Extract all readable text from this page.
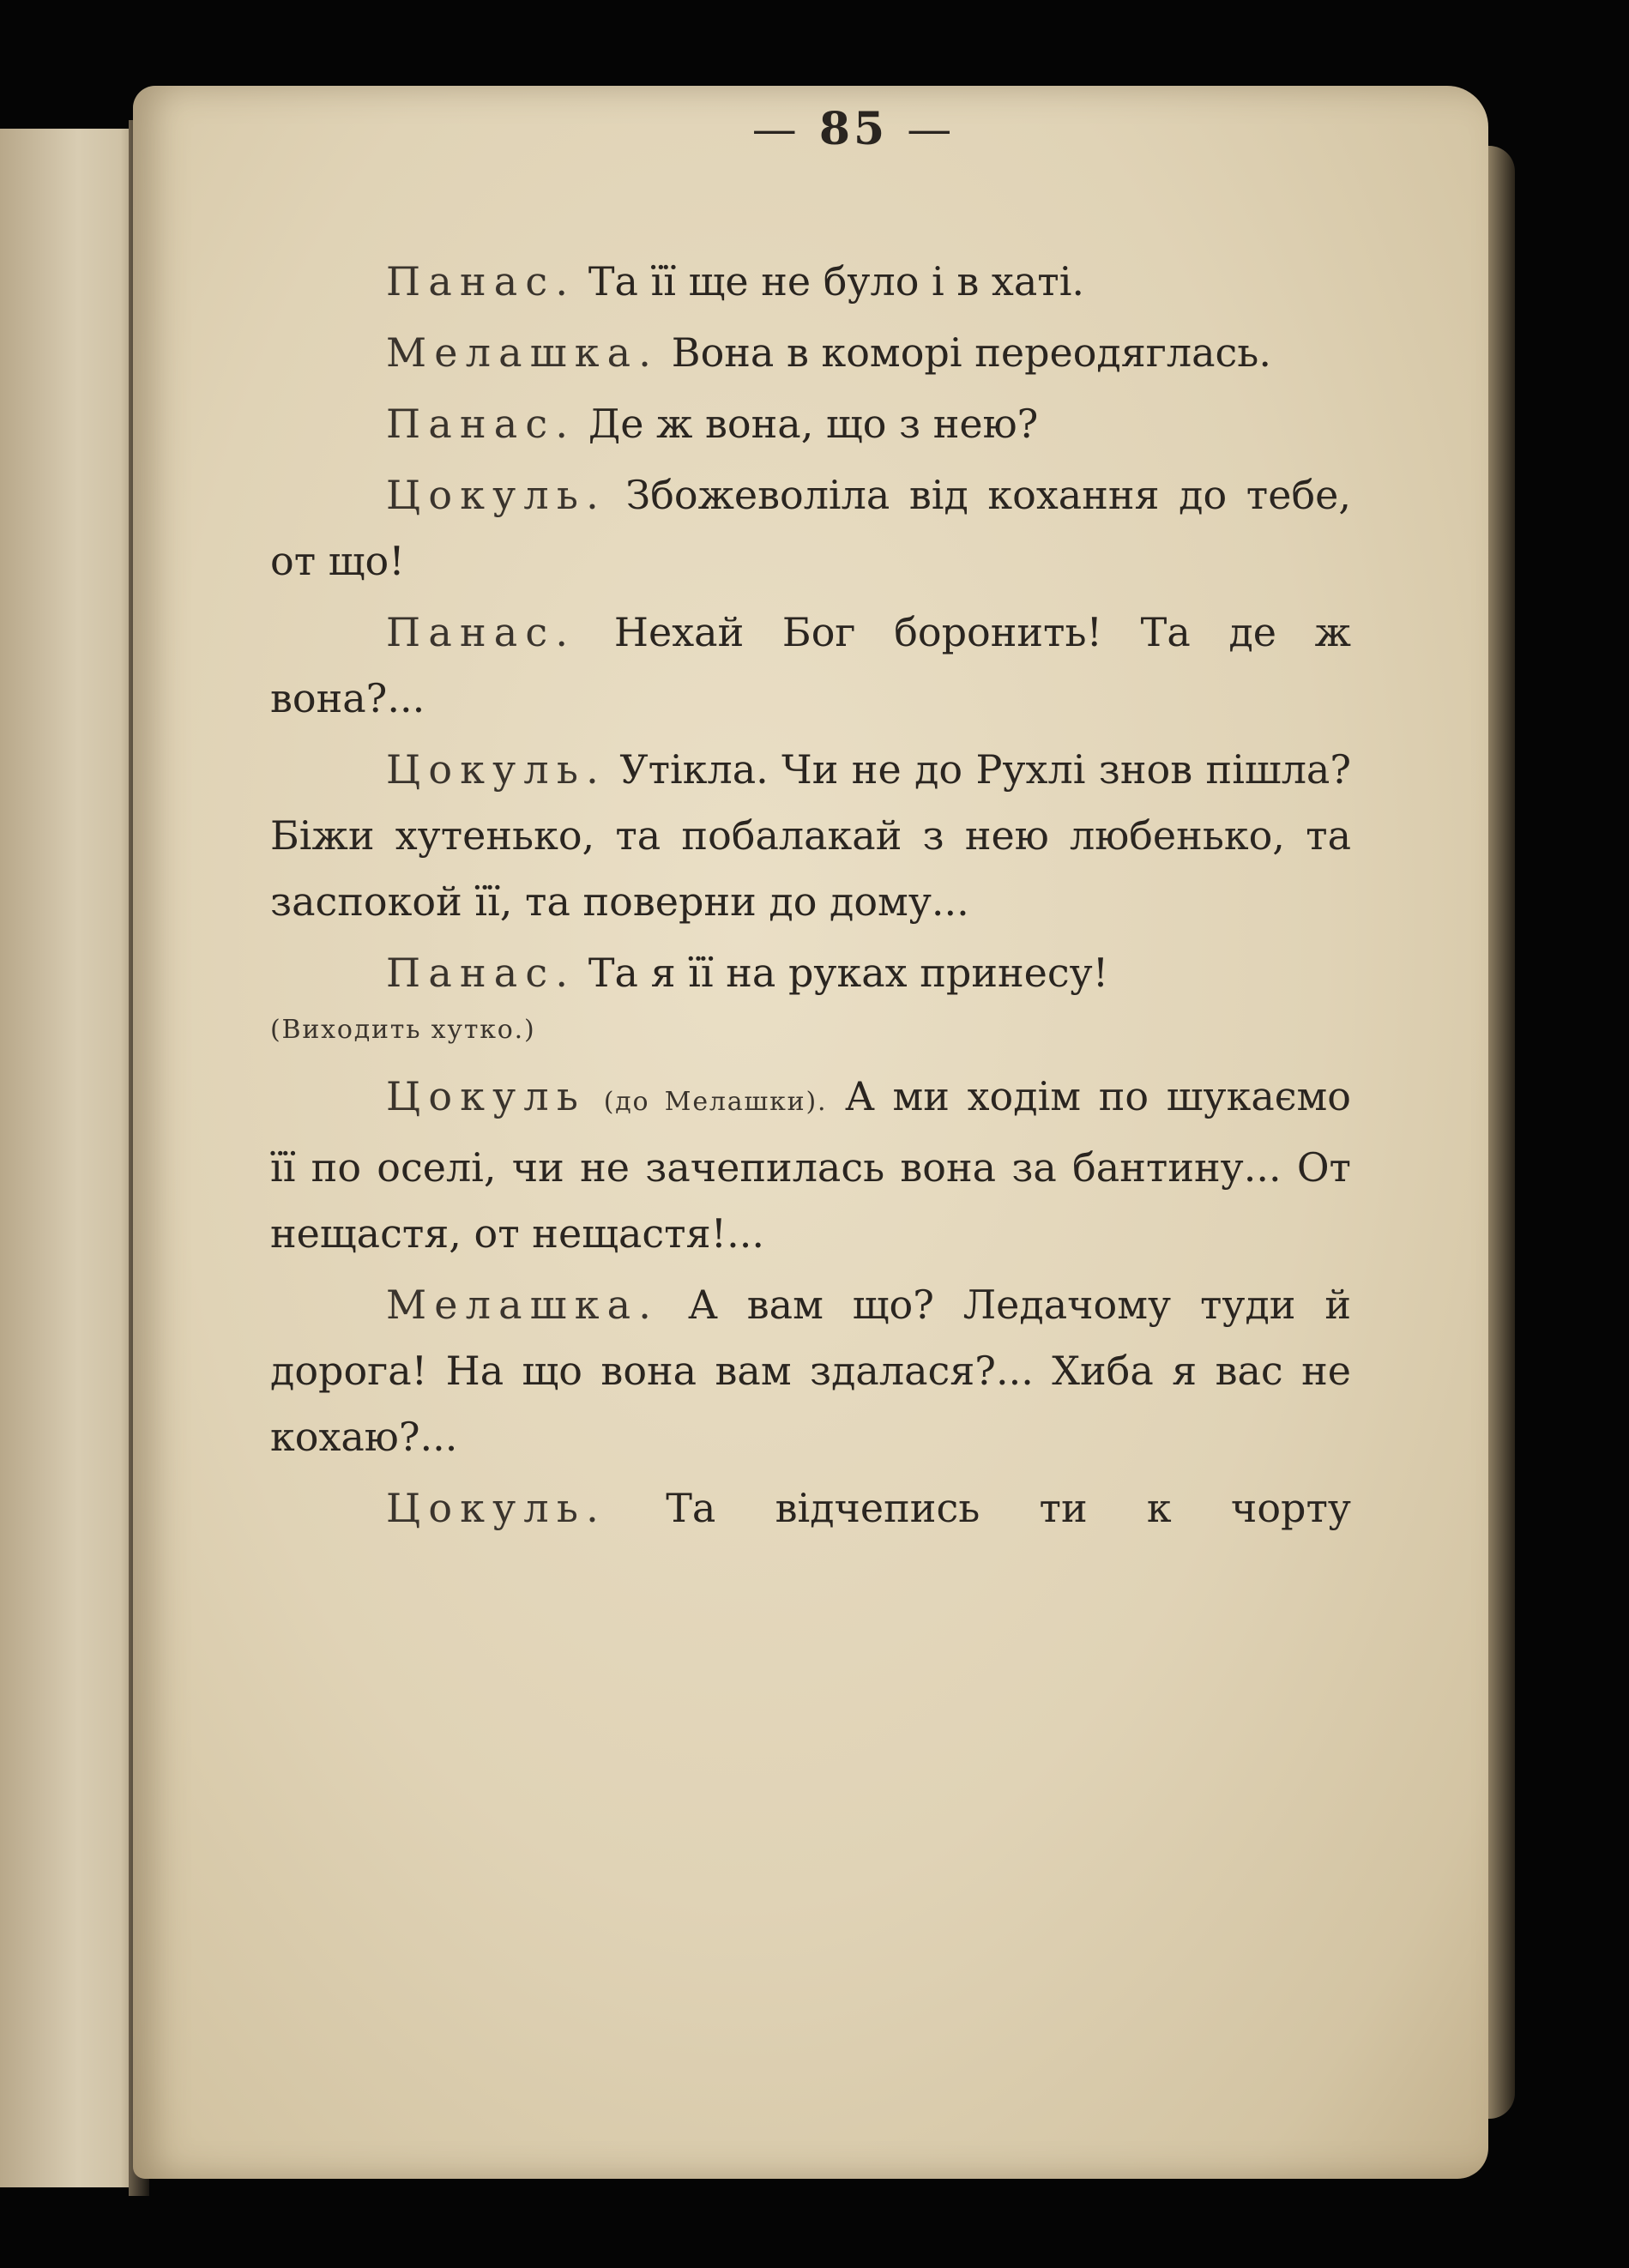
— 85 —

Панас. Та її ще не було і в хаті.

Мелашка. Вона в коморі переодяглась.

Панас. Де ж вона, що з нею?

Цокуль. Збожеволіла від кохання до тебе, от що!

Панас. Нехай Бог боронить! Та де ж вона?...

Цокуль. Утікла. Чи не до Рухлі знов пішла? Біжи хутенько, та побалакай з нею любенько, та заспокой її, та поверни до дому...

Панас. Та я її на руках принесу!

(Виходить хутко.)

Цокуль (до Мелашки). А ми ходім по шукаємо її по оселі, чи не зачепилась вона за бантину... От нещастя, от нещастя!...

Мелашка. А вам що? Ледачому туди й дорога! На що вона вам здалася?... Хиба я вас не кохаю?...

Цокуль. Та відчепись ти к чорту
